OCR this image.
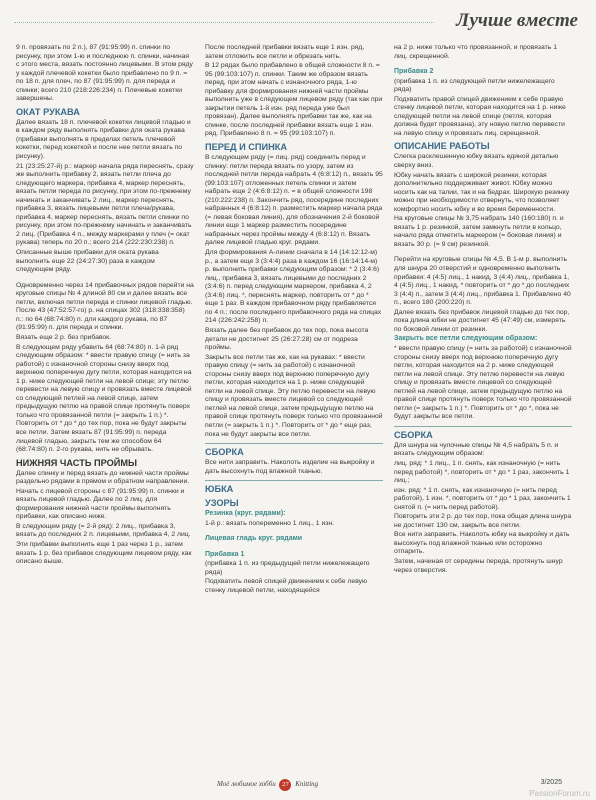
Лучше вместе

9 п. провязать по 2 п.), 87 (91:95:99) п. спинки по рисунку, при этом 1-ю и последнюю п. спинки, начиная с этого места, вязать постоянно лицевыми. В этом ряду у каждой плечевой кокетки было прибавлено по 9 п. = по 18 п. для плеч, по 87 (91:95:99) п. для переда и спинки; всего 210 (218:226:234) п. Плечевые кокетки завершены.

ОКАТ РУКАВА

Далее вязать 18 п. плечевой кокетки лицевой гладью и в каждом ряду выполнять прибавки для оката рукава (прибавки выполнять в пределах петель плечевой кокетки, перед кокеткой и после нее петли вязать по рисунку).

21 (23:25:27-й) р.: маркер начала ряда переснять, сразу же выполнить прибавку 2, вязать петли плеча до следующего маркера, прибавка 4, маркер переснять, вязать петли переда по рисунку, при этом по-прежнему начинать и заканчивать 2 лиц., маркер переснять, прибавка 3, вязать лицевыми петли плеча/рукава, прибавка 4, маркер переснять, вязать петли спинки по рисунку, при этом по-прежнему начинать и заканчивать 2 лиц. (Прибавка 4 п., между маркерами у плеч (= окат рукава) теперь по 20 п.; всего 214 (222:230:238) п.

Описанные выше прибавки для оката рукава выполнить еще 22 (24:27:30) раза в каждом следующем ряду.

Одновременно через 14 прибавочных рядов перейти на круговые спицы № 4 длиной 80 см и далее вязать все петли, включая петли переда и спинки лицевой гладью. После 43 (47:52:57-го) р. на спицах 302 (318:338:358) п.: по 64 (68:74:80) п. для каждого рукава, по 87 (91:95:99) п. для переда и спинки.

Вязать еще 2 р. без прибавок.

В следующем ряду убавить 64 (68:74:80) п. 1-й ряд следующим образом: * ввести правую спицу (= нить за работой) с изнаночной стороны снизу вверх под верхнюю поперечную дугу петли, которая находится на 1 р. ниже следующей петли на левой спице; эту петлю перевести на левую спицу и провязать вместе лицевой со следующей петлей на левой спице, затем предыдущую петлю на правой спице протянуть поверх только что провязанной петли (= закрыть 1 п.) *. Повторить от * до * до тех пор, пока не будут закрыты все петли. Затем вязать 87 (91:95:99) п. переда лицевой гладью, закрыть тем же способом 64 (68:74:80) п. 2-го рукава, нить не обрывать.

НИЖНЯЯ ЧАСТЬ ПРОЙМЫ

Далее спинку и перед вязать до нижней части проймы раздельно рядами в прямом и обратном направлении.

Начать с лицевой стороны с 87 (91:95:99) п. спинки и вязать лицевой гладью. Далее по 2 лиц. для формирования нижней части проймы выполнять прибавки, как описано ниже.

В следующем ряду (= 2-й ряд): 2 лиц., прибавка 3, вязать до последних 2 п. лицевыми, прибавка 4, 2 лиц.

Эти прибавки выполнить еще 1 раз через 1 р., затем вязать 1 р. без прибавок следующим лицевом ряду, как описано выше.

После последней прибавки вязать еще 1 изн. ряд, затем отложить все петли и обрезать нить.

В 12 рядах было прибавлено в общей сложности 8 п. = 95 (99:103:107) п. спинки. Таким же образом вязать перед, при этом начать с изнаночного ряда, 1-ю прибавку для формирования нижней части проймы выполнить уже в следующем лицевом ряду (так как при закрытии петель 1-й изн. ряд переда уже был провязан). Далее выполнять прибавки так же, как на спинке, после последней прибавки вязать еще 1 изн. ряд. Прибавлено 8 п. = 95 (99:103:107) п.

ПЕРЕД И СПИНКА

В следующем ряду (= лиц. ряд) соединить перед и спинку: петли переда вязать по узору, затем из последней петли переда набрать 4 (6:8:12) п., вязать 95 (99:103:107) отложенных петель спинки и затем набрать еще 2 (4:6:8:12) п. = в общей сложности 198 (210:222:238) п. Закончить ряд, посередине последних набранных 4 (6:8:12) п. разместить маркер начала ряда (= левая боковая линия), для обозначения 2-й боковой линии еще 1 маркер разместить посередине набранных через проймы между 4 (6:8:12) п. Вязать далее лицевой гладью круг. рядами.

Для формирования А-линии сначала в 14 (14:12:12-м) р., а затем еще 3 (3:4:4) раза в каждом 16 (16:14:14-м) р. выполнить прибавки следующим образом: * 2 (3:4:6) лиц., прибавка 3, вязать лицевыми до последних 2 (3:4:6) п. перед следующим маркером, прибавка 4, 2 (3:4:6) лиц. *, переснять маркер, повторить от * до * еще 1 раз. В каждом прибавочном ряду прибавляется по 4 п.; после последнего прибавочного ряда на спицах 214 (226:242:258) п.

Вязать далее без прибавок до тех пор, пока высота детали не достигнет 25 (26:27:28) см от подреза проймы.

Закрыть все петли так же, как на рукавах: * ввести правую спицу (= нить за работой) с изнаночной стороны снизу вверх под верхнюю поперечную дугу петли, которая находится на 1 р. ниже следующей петли на левой спице. Эту петлю перевести на левую спицу и провязать вместе лицевой со следующей петлей на левой спице, затем предыдущую петлю на правой спице протянуть поверх только что провязанной петли (= закрыть 1 п.) *. Повторить от * до * еще раз, пока не будут закрыты все петли.

СБОРКА

Все нити заправить. Наколоть изделие на выкройку и дать высохнуть под влажной тканью.

ЮБКА
УЗОРЫ

Резинка (круг. рядами):

1-й р.: вязать попеременно 1 лиц., 1 изн.

Лицевая гладь круг. рядами

Прибавка 1

(прибавка 1 п. из предыдущей петли нижележащего ряда)

Подхватить левой спицей движением к себе левую стенку лицевой петли, находящейся

на 2 р. ниже только что провязанной, и провязать 1 лиц. скрещенной.

Прибавка 2

(прибавка 1 п. из следующей петли нижележащего ряда)

Подхватить правой спицей движением к себе правую стенку лицевой петли, которая находится на 1 р. ниже следующей петли на левой спице (петля, которая должна будет провязана), эту новую петлю перевести на левую спицу и провязать лиц. скрещенной.

ОПИСАНИЕ РАБОТЫ

Слегка расклешенную юбку вязать единой деталью сверху вниз.

Юбку начать вязать с широкой резинки, которая дополнительно поддерживает живот. Юбку можно носить как на талии, так и на бедрах. Широкую резинку можно при необходимости отвернуть, что позволяет комфортно носить юбку и во время беременности.

На круговые спицы № 3,75 набрать 140 (160:180) п. и вязать 1 р. резинкой, затем замкнуть петли в кольцо, начало ряда отметить маркером (= боковая линия) и вязать 30 р. (= 9 см) резинкой.

Перейти на круговые спицы № 4,5. В 1-м р. выполнить для шнура 20 отверстий и одновременно выполнить прибавки: 4 (4:5) лиц., 1 накид, 3 (4:4) лиц., прибавка 1, 4 (4:5) лиц., 1 накид, * повторить от * до * до последних 3 (4:4) п., затем 3 (4:4) лиц., прибавка 1. Прибавлено 40 п., всего 180 (200:220) п.

Далее вязать без прибавок лицевой гладью до тех пор, пока длина юбки не достигнет 45 (47:49) см, измерять по боковой линии от резинки.

Закрыть все петли следующим образом:

* ввести правую спицу (= нить за работой) с изнаночной стороны снизу вверх под верхнюю поперечную дугу петли, которая находится на 2 р. ниже следующей петли на левой спице. Эту петлю перевести на левую спицу и провязать вместе лицевой со следующей петлей на левой спице, затем предыдущую петлю на правой спице протянуть поверх только что провязанной петли (= закрыть 1 п.) *. Повторить от * до *, пока не будут закрыты все петли.

СБОРКА

Для шнура на чулочные спицы № 4,5 набрать 5 п. и вязать следующим образом:

лиц. ряд: * 1 лиц., 1 п. снять, как изнаночную (= нить перед работой) *, повторить от * до * 1 раз, закончить 1 лиц.;

изн. ряд: * 1 п. снять, как изнаночную (= нить перед работой), 1 изн. *, повторить от * до * 1 раз, закончить 1 снятой п. (= нить перед работой).

Повторить эти 2 р. до тех пор, пока общая длина шнура не достигнет 130 см, закрыть все петли.

Все нити заправить. Наколоть юбку на выкройку и дать высохнуть под влажной тканью или осторожно отпарить.

Затем, начиная от середины переда, протянуть шнур через отверстия.

Моё любимое хобби 27 Knitting	3/2025
PassionForum.ru
